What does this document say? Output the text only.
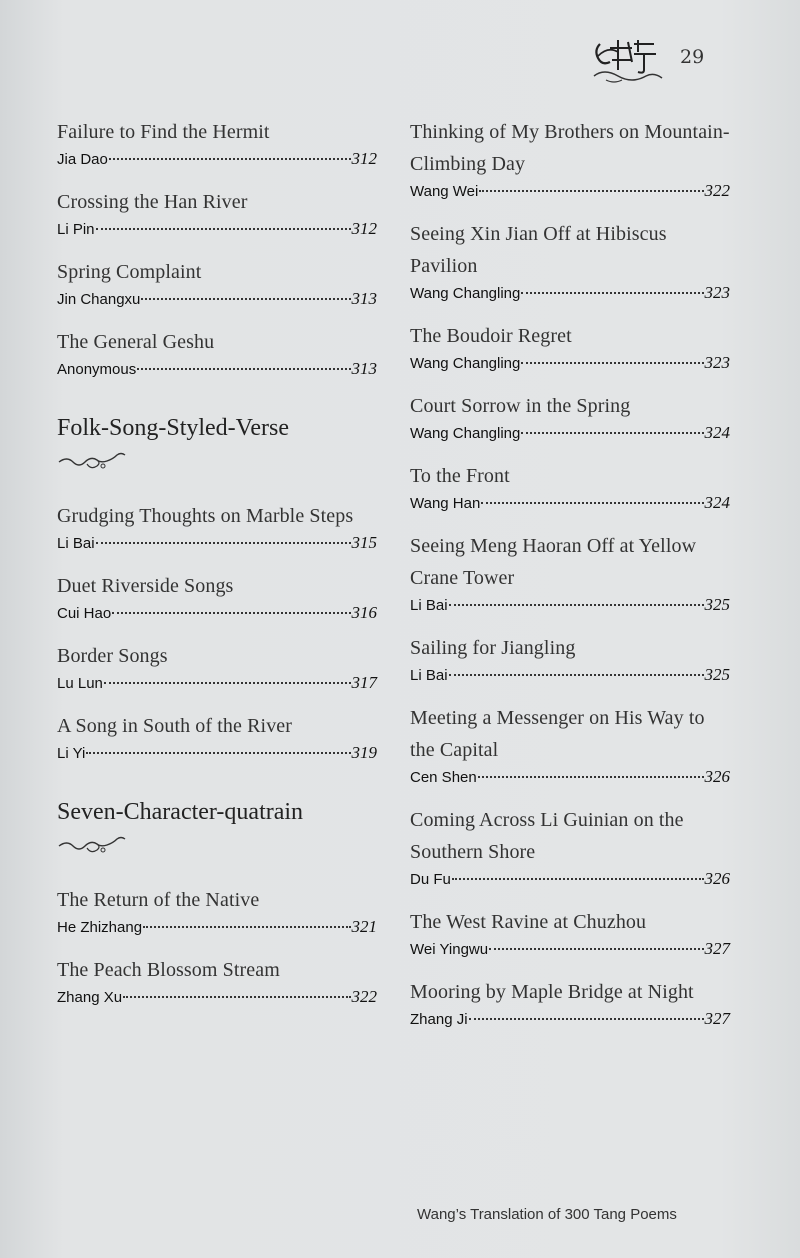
29
Failure to Find the Hermit
Jia Dao	312
Crossing the Han River
Li Pin	312
Spring Complaint
Jin Changxu	313
The General Geshu
Anonymous	313
Folk-Song-Styled-Verse
Grudging Thoughts on Marble Steps
Li Bai	315
Duet Riverside Songs
Cui Hao	316
Border Songs
Lu Lun	317
A Song in South of the River
Li Yi	319
Seven-Character-quatrain
The Return of the Native
He Zhizhang	321
The Peach Blossom Stream
Zhang Xu	322
Thinking of My Brothers on Mountain-Climbing Day
Wang Wei	322
Seeing Xin Jian Off at Hibiscus Pavilion
Wang Changling	323
The Boudoir Regret
Wang Changling	323
Court Sorrow in the Spring
Wang Changling	324
To the Front
Wang Han	324
Seeing Meng Haoran Off at Yellow Crane Tower
Li Bai	325
Sailing for Jiangling
Li Bai	325
Meeting a Messenger on His Way to the Capital
Cen Shen	326
Coming Across Li Guinian on the Southern Shore
Du Fu	326
The West Ravine at Chuzhou
Wei Yingwu	327
Mooring by Maple Bridge at Night
Zhang Ji	327
Wang’s Translation of 300 Tang Poems
